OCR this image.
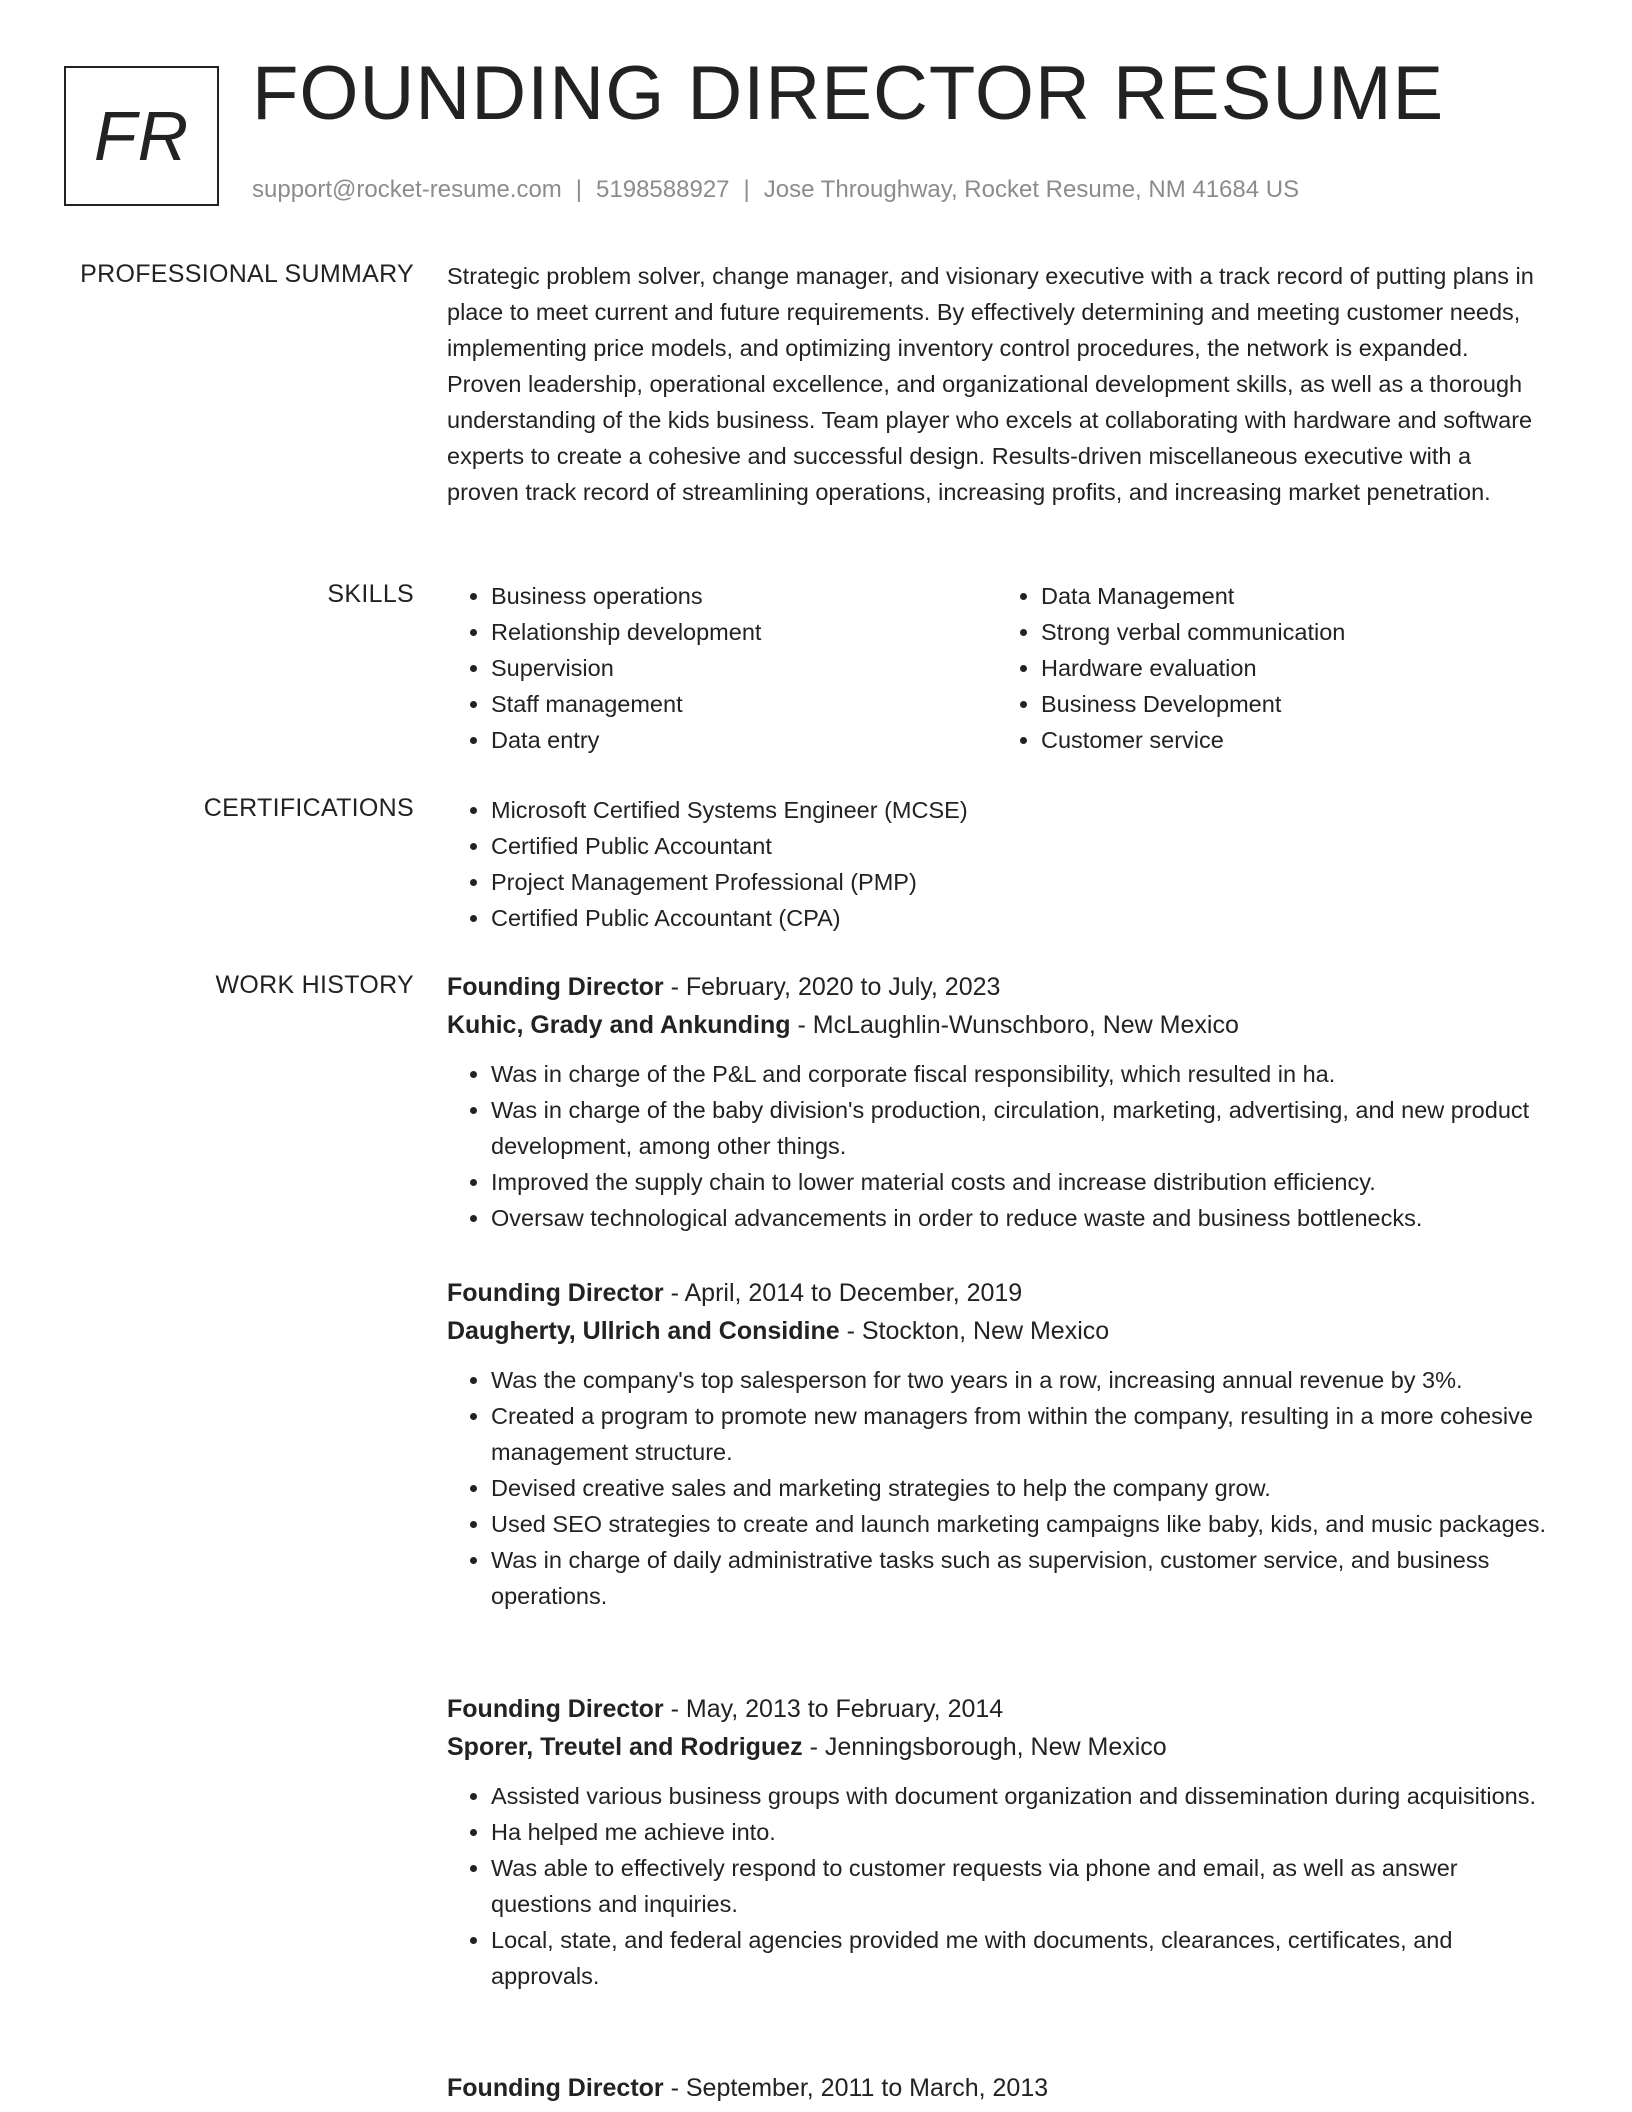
FR FOUNDING DIRECTOR RESUME
support@rocket-resume.com | 5198588927 | Jose Throughway, Rocket Resume, NM 41684 US
PROFESSIONAL SUMMARY Strategic problem solver, change manager, and visionary executive with a track record of putting plans in place to meet current and future requirements. By effectively determining and meeting customer needs, implementing price models, and optimizing inventory control procedures, the network is expanded. Proven leadership, operational excellence, and organizational development skills, as well as a thorough understanding of the kids business. Team player who excels at collaborating with hardware and software experts to create a cohesive and successful design. Results-driven miscellaneous executive with a proven track record of streamlining operations, increasing profits, and increasing market penetration.

SKILLS	• Business operations
• Relationship development
• Supervision
• Staff management
• Data entry
• Data Management
• Strong verbal communication
• Hardware evaluation
• Business Development
• Customer service
CERTIFICATIONS	• Microsoft Certified Systems Engineer (MCSE)
• Certified Public Accountant
• Project Management Professional (PMP)
• Certified Public Accountant (CPA)
WORK HISTORY Founding Director - February, 2020 to July, 2023
Kuhic, Grady and Ankunding - McLaughlin-Wunschboro, New Mexico
• Was in charge of the P&L and corporate fiscal responsibility, which resulted in ha.
• Was in charge of the baby division's production, circulation, marketing, advertising, and new product development, among other things.
• Improved the supply chain to lower material costs and increase distribution efficiency.
• Oversaw technological advancements in order to reduce waste and business bottlenecks.
Founding Director - April, 2014 to December, 2019
Daugherty, Ullrich and Considine - Stockton, New Mexico
• Was the company's top salesperson for two years in a row, increasing annual revenue by 3%.
• Created a program to promote new managers from within the company, resulting in a more cohesive management structure.
• Devised creative sales and marketing strategies to help the company grow.
• Used SEO strategies to create and launch marketing campaigns like baby, kids, and music packages.
• Was in charge of daily administrative tasks such as supervision, customer service, and business operations.
Founding Director - May, 2013 to February, 2014
Sporer, Treutel and Rodriguez - Jenningsborough, New Mexico
• Assisted various business groups with document organization and dissemination during acquisitions.
• Ha helped me achieve into.
• Was able to effectively respond to customer requests via phone and email, as well as answer questions and inquiries.
• Local, state, and federal agencies provided me with documents, clearances, certificates, and approvals.
Founding Director - September, 2011 to March, 2013
